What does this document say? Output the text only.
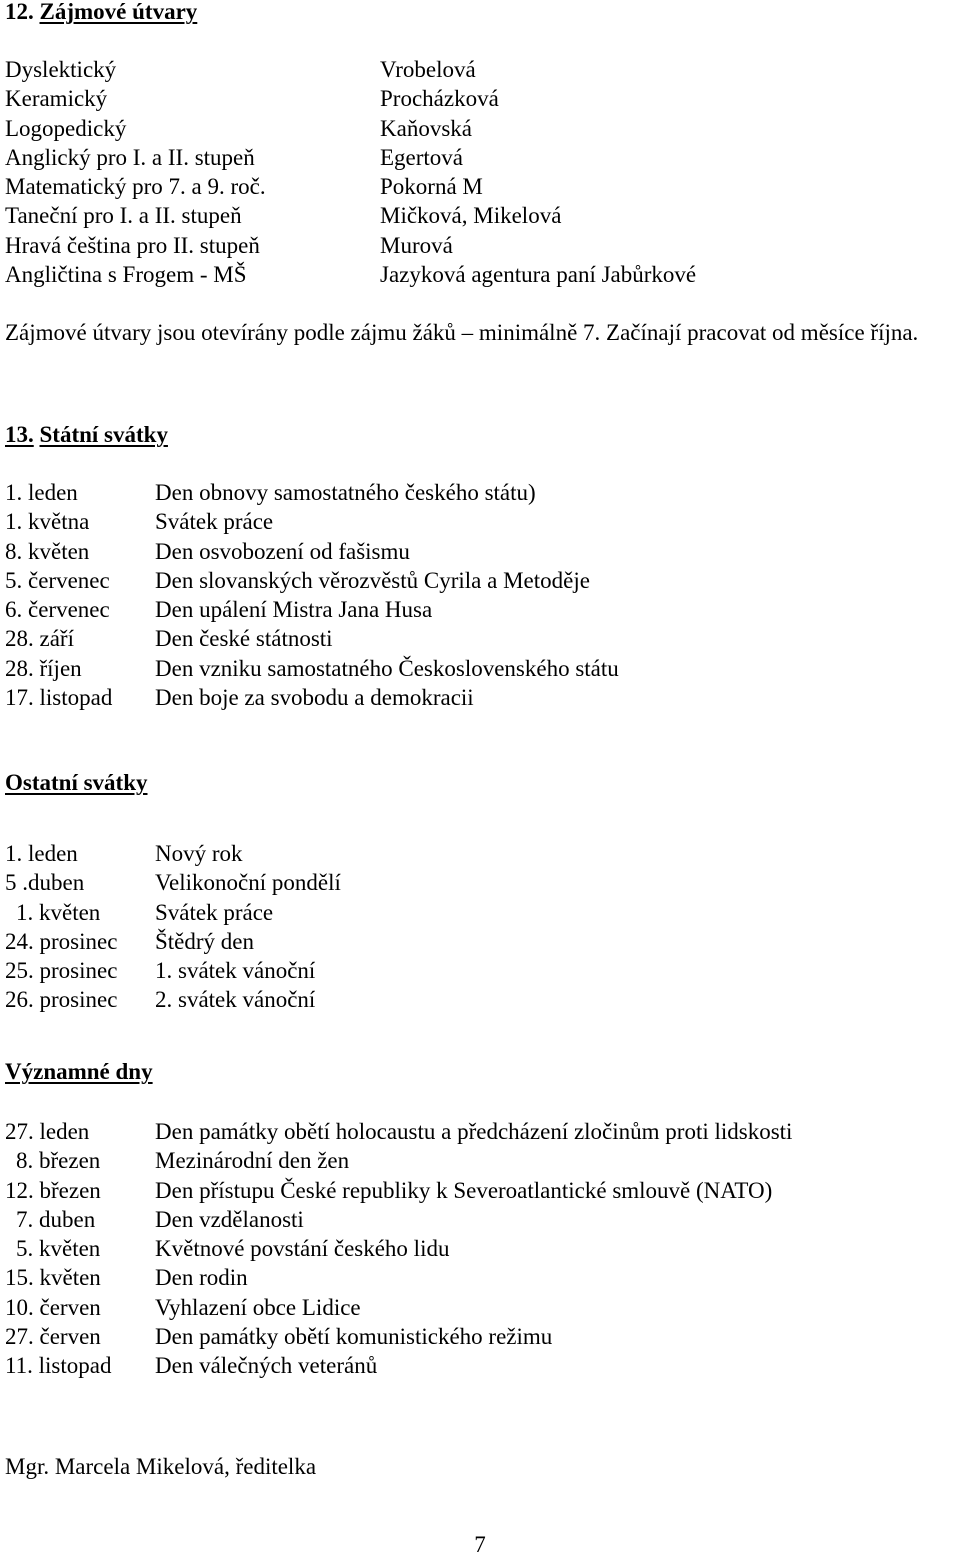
12. Zájmové útvary
Dyslektický	Vrobelová
Keramický	Procházková
Logopedický	Kaňovská
Anglický pro I. a II. stupeň	Egertová
Matematický pro 7. a 9. roč.	Pokorná M
Taneční pro I. a II. stupeň	Mičková, Mikelová
Hravá čeština pro II. stupeň	Murová
Angličtina s Frogem - MŠ	Jazyková agentura paní Jabůrkové

Zájmové útvary jsou otevírány podle zájmu žáků – minimálně 7. Začínají pracovat od měsíce října.

13. Státní svátky
1. leden	Den obnovy samostatného českého státu)
1. května	Svátek práce
8. květen	Den osvobození od fašismu
5. červenec	Den slovanských věrozvěstů Cyrila a Metoděje
6. červenec	Den upálení Mistra Jana Husa
28. září	Den české státnosti
28. říjen	Den vzniku samostatného Československého státu
17. listopad	Den boje za svobodu a demokracii
Ostatní svátky
1. leden	Nový rok
5 .duben	Velikonoční pondělí
1. květen	Svátek práce
24. prosinec	Štědrý den
25. prosinec	1. svátek vánoční
26. prosinec	2. svátek vánoční
Významné dny
27. leden	Den památky obětí holocaustu a předcházení zločinům proti lidskosti
8. březen	Mezinárodní den žen
12. březen	Den přístupu České republiky k Severoatlantické smlouvě (NATO)
7. duben	Den vzdělanosti
5. květen	Květnové povstání českého lidu
15. květen	Den rodin
10. červen	Vyhlazení obce Lidice
27. červen	Den památky obětí komunistického režimu
11. listopad	Den válečných veteránů

Mgr. Marcela Mikelová, ředitelka

7
